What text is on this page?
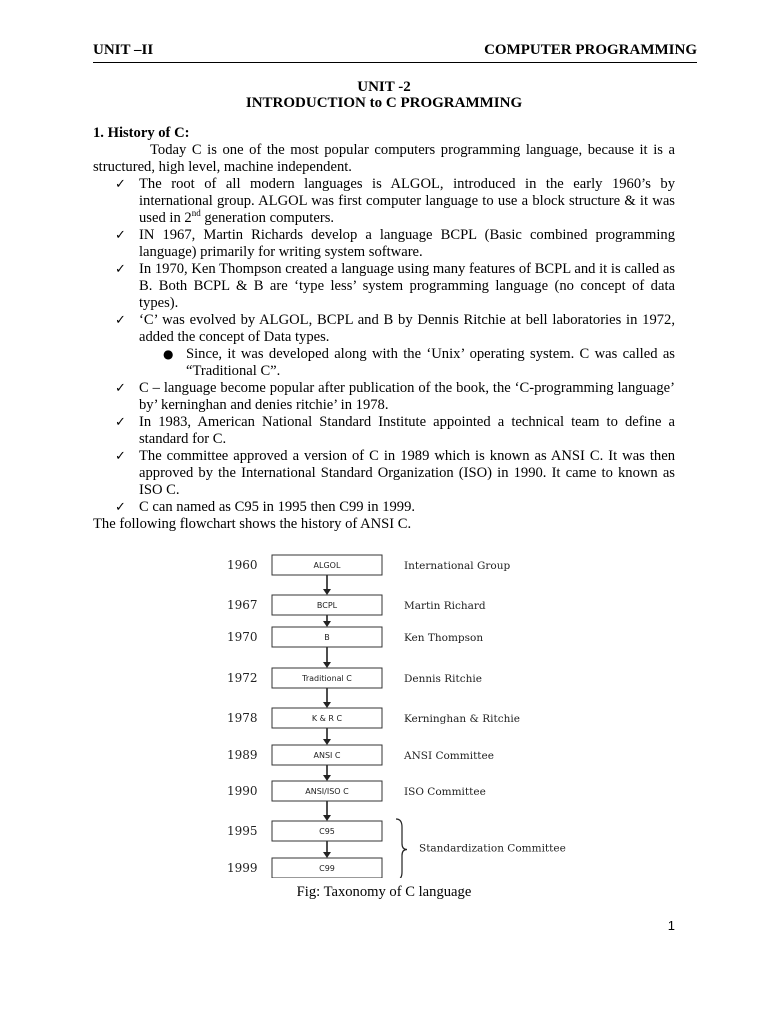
UNIT –II	COMPUTER PROGRAMMING
UNIT -2
INTRODUCTION to C PROGRAMMING

1. History of C:

Today C is one of the most popular computers programming language, because it is a structured, high level, machine independent.

✓ The root of all modern languages is ALGOL, introduced in the early 1960’s by international group. ALGOL was first computer language to use a block structure & it was used in 2nd generation computers.
✓ IN 1967, Martin Richards develop a language BCPL (Basic combined programming language) primarily for writing system software.
✓ In 1970, Ken Thompson created a language using many features of BCPL and it is called as B. Both BCPL & B are ‘type less’ system programming language (no concept of data types).
✓ ‘C’ was evolved by ALGOL, BCPL and B by Dennis Ritchie at bell laboratories in 1972, added the concept of Data types.
● Since, it was developed along with the ‘Unix’ operating system. C was called as “Traditional C”.
✓ C – language become popular after publication of the book, the ‘C-programming language’ by’ kerninghan and denies ritchie’ in 1978.
✓ In 1983, American National Standard Institute appointed a technical team to define a standard for C.
✓ The committee approved a version of C in 1989 which is known as ANSI C. It was then approved by the International Standard Organization (ISO) in 1990. It came to known as ISO C.
✓ C can named as C95 in 1995 then C99 in 1999.

The following flowchart shows the history of ANSI C.

ALGOL
1960	International Group
BCPL
1967	Martin Richard
B
1970	Ken Thompson
Traditional C
1972	Dennis Ritchie
K & R C
1978	Kerninghan & Ritchie
ANSI C
1989	ANSI Committee
ANSI/ISO C
1990	ISO Committee
C95
1995
C99
1999
Standardization Committee
Fig: Taxonomy of C language
1
